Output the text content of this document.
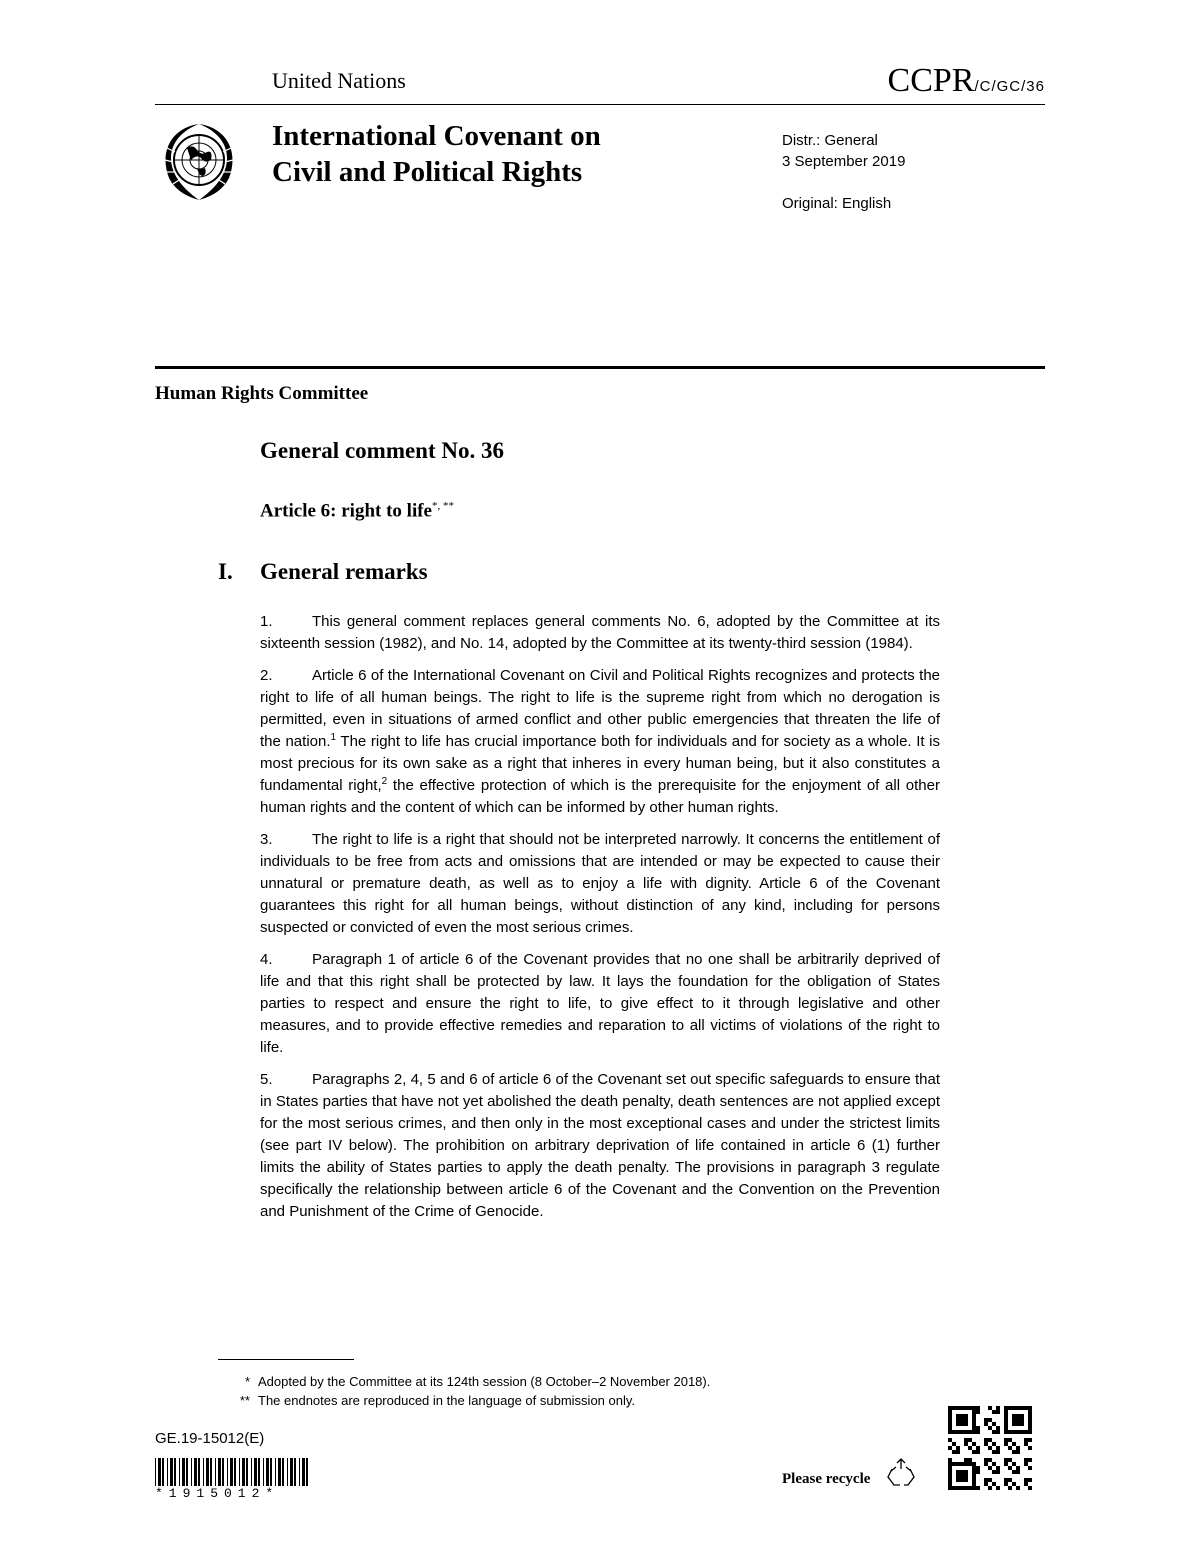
United Nations	CCPR/C/GC/36
International Covenant on
Civil and Political Rights
Distr.: General
3 September 2019
Original: English
Human Rights Committee
General comment No. 36
Article 6: right to life*, **
I. General remarks

1.	This general comment replaces general comments No. 6, adopted by the Committee at its sixteenth session (1982), and No. 14, adopted by the Committee at its twenty-third session (1984).

2.	Article 6 of the International Covenant on Civil and Political Rights recognizes and protects the right to life of all human beings. The right to life is the supreme right from which no derogation is permitted, even in situations of armed conflict and other public emergencies that threaten the life of the nation.$^1$ The right to life has crucial importance both for individuals and for society as a whole. It is most precious for its own sake as a right that inheres in every human being, but it also constitutes a fundamental right,$^2$ the effective protection of which is the prerequisite for the enjoyment of all other human rights and the content of which can be informed by other human rights.

3.	The right to life is a right that should not be interpreted narrowly. It concerns the entitlement of individuals to be free from acts and omissions that are intended or may be expected to cause their unnatural or premature death, as well as to enjoy a life with dignity. Article 6 of the Covenant guarantees this right for all human beings, without distinction of any kind, including for persons suspected or convicted of even the most serious crimes.

4.	Paragraph 1 of article 6 of the Covenant provides that no one shall be arbitrarily deprived of life and that this right shall be protected by law. It lays the foundation for the obligation of States parties to respect and ensure the right to life, to give effect to it through legislative and other measures, and to provide effective remedies and reparation to all victims of violations of the right to life.

5.	Paragraphs 2, 4, 5 and 6 of article 6 of the Covenant set out specific safeguards to ensure that in States parties that have not yet abolished the death penalty, death sentences are not applied except for the most serious crimes, and then only in the most exceptional cases and under the strictest limits (see part IV below). The prohibition on arbitrary deprivation of life contained in article 6 (1) further limits the ability of States parties to apply the death penalty. The provisions in paragraph 3 regulate specifically the relationship between article 6 of the Covenant and the Convention on the Prevention and Punishment of the Crime of Genocide.

* Adopted by the Committee at its 124th session (8 October–2 November 2018).
** The endnotes are reproduced in the language of submission only.
GE.19-15012(E)
*1915012*
Please recycle
